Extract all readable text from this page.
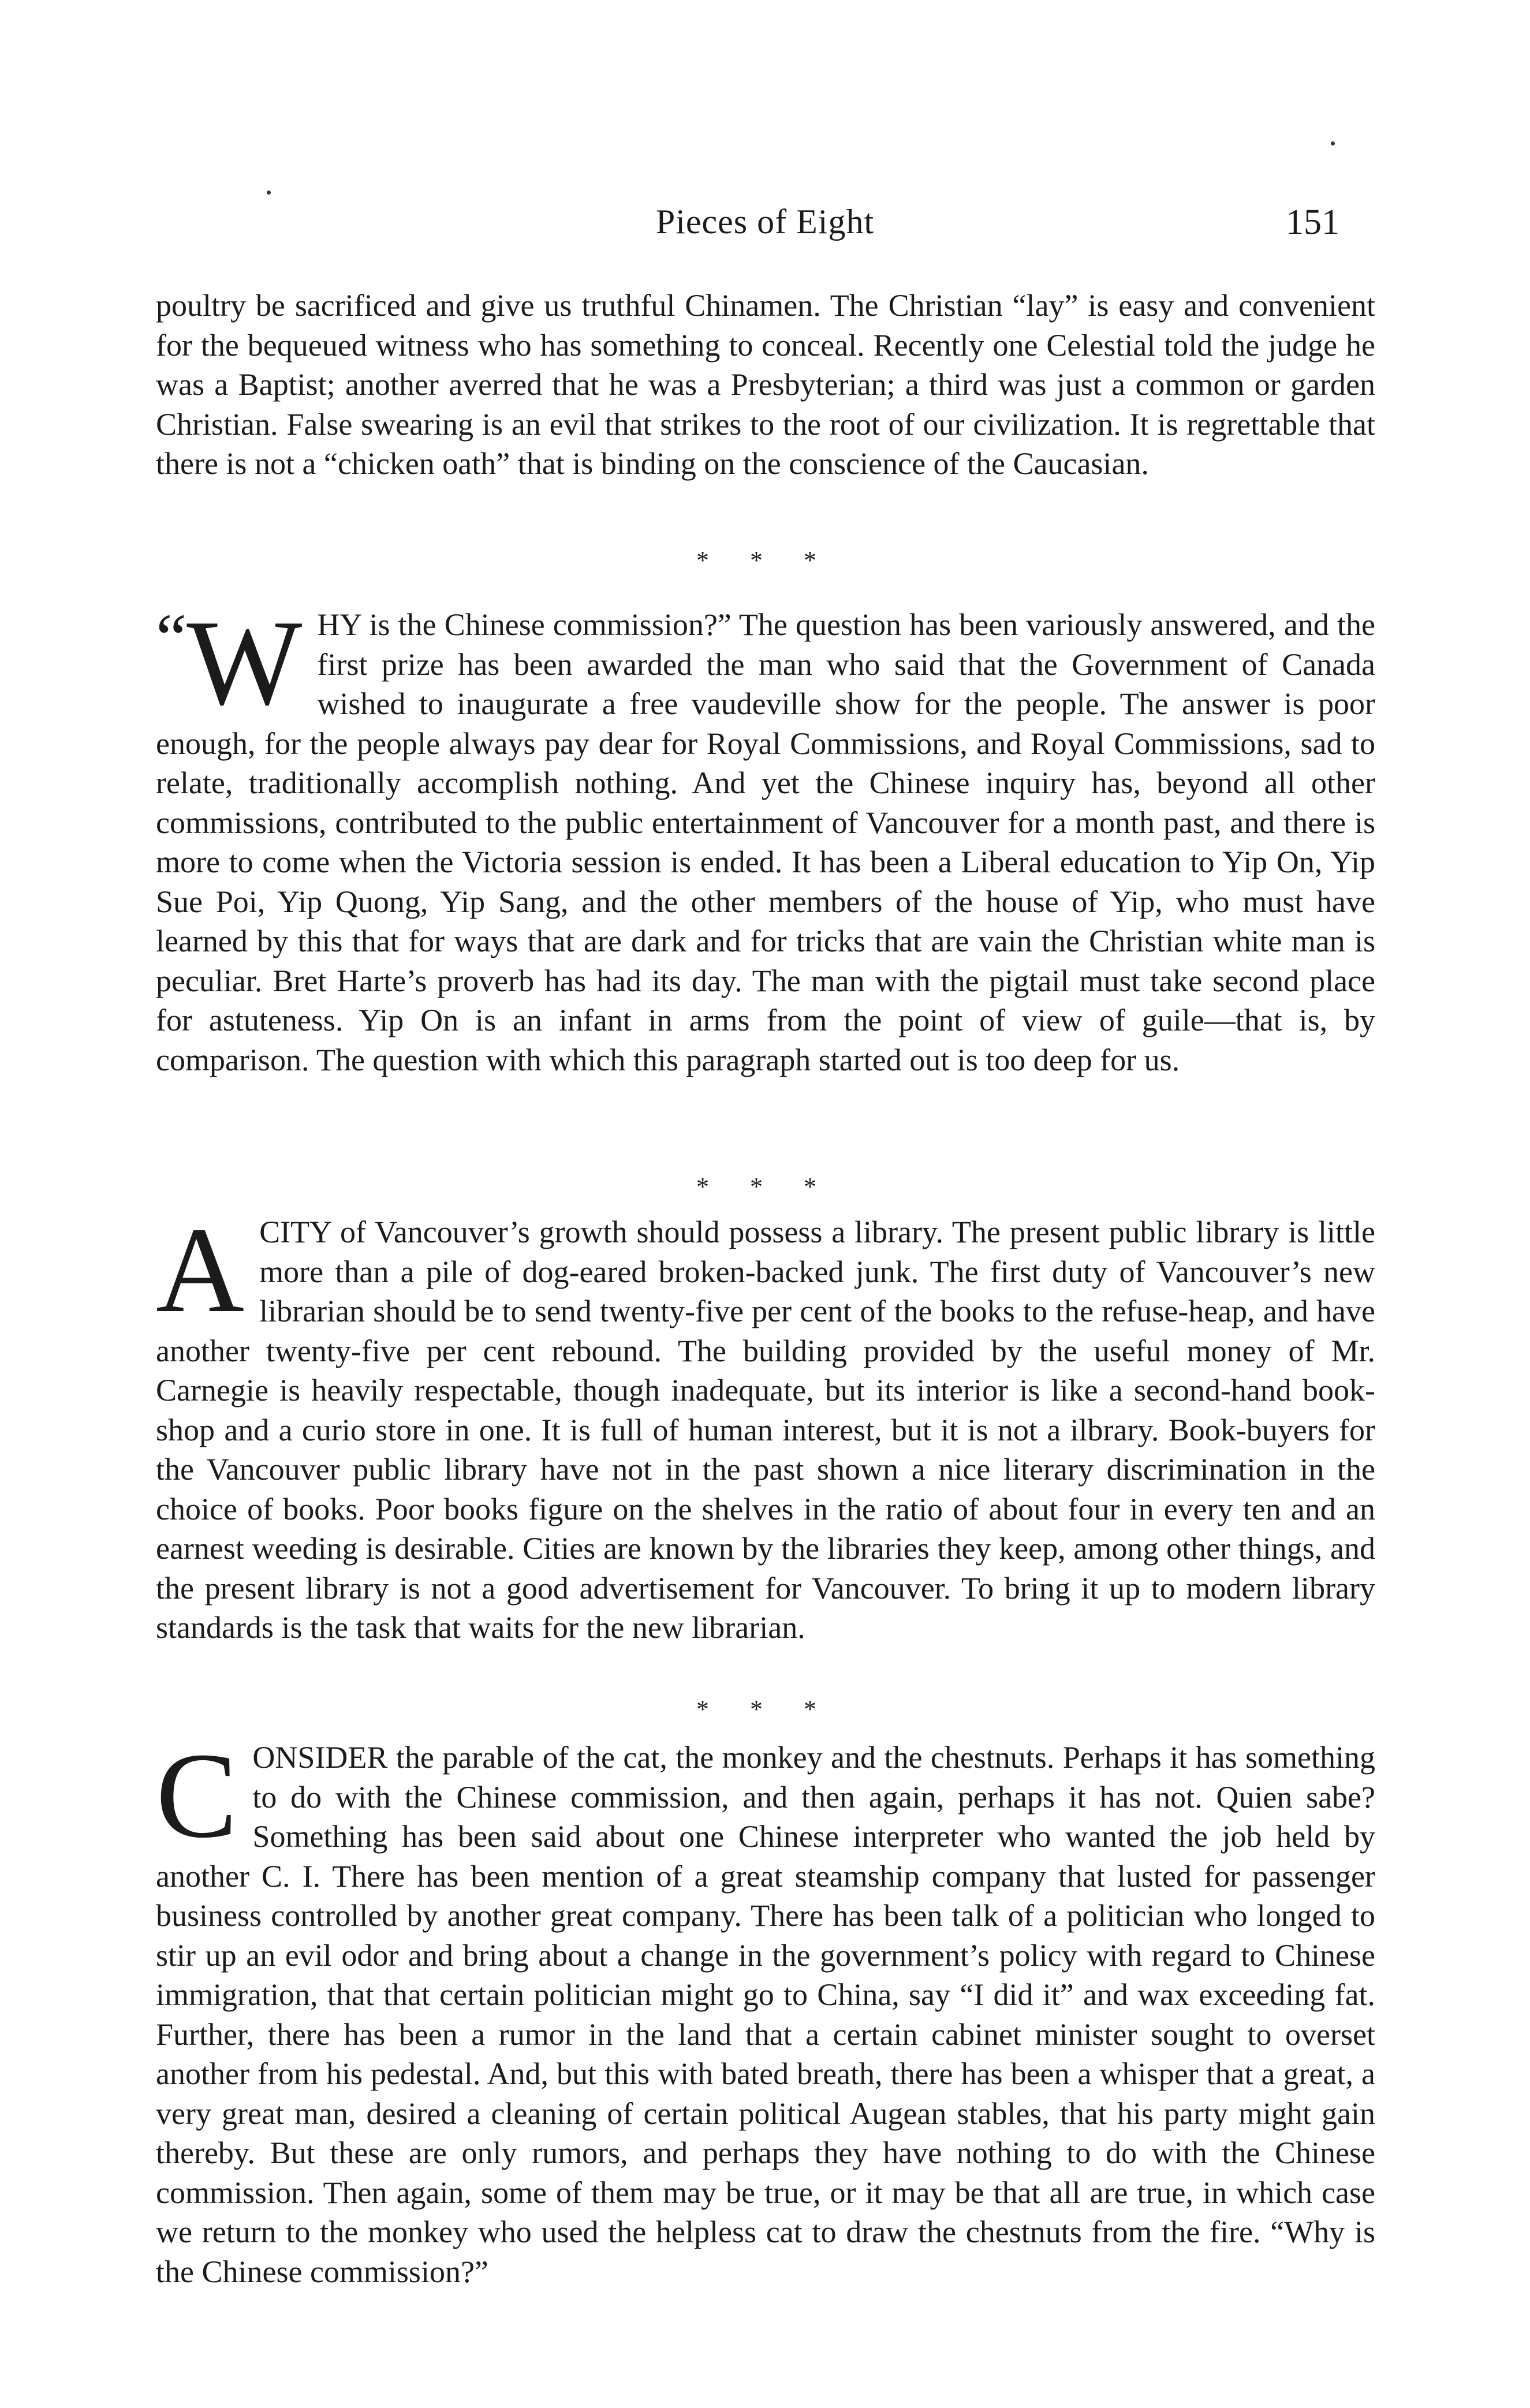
Pieces of Eight	151
poultry be sacrificed and give us truthful Chinamen. The Christian “lay” is easy and convenient for the bequeued witness who has something to conceal. Recently one Celestial told the judge he was a Baptist; another averred that he was a Presbyterian; a third was just a common or garden Christian. False swearing is an evil that strikes to the root of our civilization. It is regrettable that there is not a “chicken oath” that is binding on the conscience of the Caucasian.
* * *
“W HY is the Chinese commission?” The question has been variously answered, and the first prize has been awarded the man who said that the Government of Canada wished to inaugurate a free vaudeville show for the people. The answer is poor enough, for the people always pay dear for Royal Commissions, and Royal Commissions, sad to relate, traditionally accomplish nothing. And yet the Chinese inquiry has, beyond all other commissions, contributed to the public entertainment of Vancouver for a month past, and there is more to come when the Victoria session is ended. It has been a Liberal education to Yip On, Yip Sue Poi, Yip Quong, Yip Sang, and the other members of the house of Yip, who must have learned by this that for ways that are dark and for tricks that are vain the Christian white man is peculiar. Bret Harte’s proverb has had its day. The man with the pigtail must take second place for astuteness. Yip On is an infant in arms from the point of view of guile—that is, by comparison. The question with which this paragraph started out is too deep for us.

* * *
A CITY of Vancouver’s growth should possess a library. The present public library is little more than a pile of dog-eared broken-backed junk. The first duty of Vancouver’s new librarian should be to send twenty-five per cent of the books to the refuse-heap, and have another twenty-five per cent rebound. The building provided by the useful money of Mr. Carnegie is heavily respectable, though inadequate, but its interior is like a second-hand book-shop and a curio store in one. It is full of human interest, but it is not a ilbrary. Book-buyers for the Vancouver public library have not in the past shown a nice literary discrimination in the choice of books. Poor books figure on the shelves in the ratio of about four in every ten and an earnest weeding is desirable. Cities are known by the libraries they keep, among other things, and the present library is not a good advertisement for Vancouver. To bring it up to modern library standards is the task that waits for the new librarian.

* * *
C ONSIDER the parable of the cat, the monkey and the chestnuts. Perhaps it has something to do with the Chinese commission, and then again, perhaps it has not. Quien sabe? Something has been said about one Chinese interpreter who wanted the job held by another C. I. There has been mention of a great steamship company that lusted for passenger business controlled by another great company. There has been talk of a politician who longed to stir up an evil odor and bring about a change in the government’s policy with regard to Chinese immigration, that that certain politician might go to China, say “I did it” and wax exceeding fat. Further, there has been a rumor in the land that a certain cabinet minister sought to overset another from his pedestal. And, but this with bated breath, there has been a whisper that a great, a very great man, desired a cleaning of certain political Augean stables, that his party might gain thereby. But these are only rumors, and perhaps they have nothing to do with the Chinese commission. Then again, some of them may be true, or it may be that all are true, in which case we return to the monkey who used the helpless cat to draw the chestnuts from the fire. “Why is the Chinese commission?”
